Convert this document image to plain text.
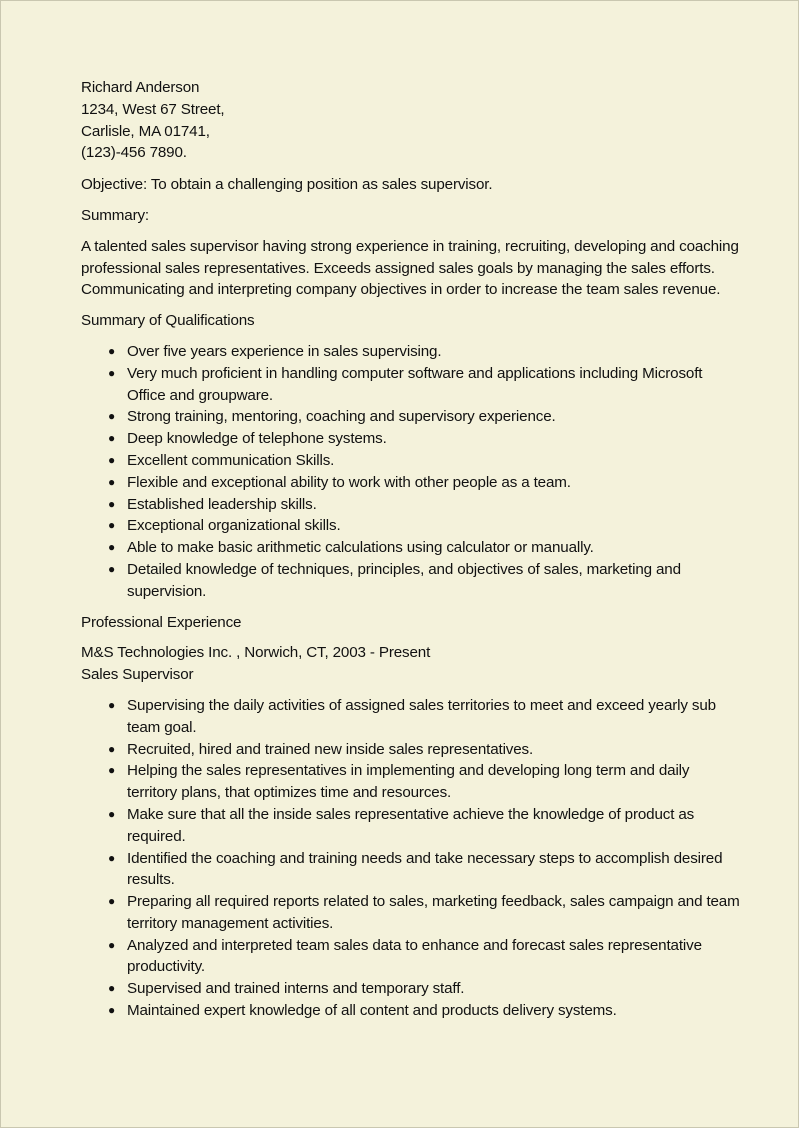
Richard Anderson
1234, West 67 Street,
Carlisle, MA 01741,
(123)-456 7890.
Objective: To obtain a challenging position as sales supervisor.
Summary:
A talented sales supervisor having strong experience in training, recruiting, developing and coaching professional sales representatives. Exceeds assigned sales goals by managing the sales efforts. Communicating and interpreting company objectives in order to increase the team sales revenue.
Summary of Qualifications
● Over five years experience in sales supervising.
● Very much proficient in handling computer software and applications including Microsoft Office and groupware.
● Strong training, mentoring, coaching and supervisory experience.
● Deep knowledge of telephone systems.
● Excellent communication Skills.
● Flexible and exceptional ability to work with other people as a team.
● Established leadership skills.
● Exceptional organizational skills.
● Able to make basic arithmetic calculations using calculator or manually.
● Detailed knowledge of techniques, principles, and objectives of sales, marketing and supervision.
Professional Experience
M&S Technologies Inc. , Norwich, CT, 2003 - Present
Sales Supervisor
● Supervising the daily activities of assigned sales territories to meet and exceed yearly sub team goal.
● Recruited, hired and trained new inside sales representatives.
● Helping the sales representatives in implementing and developing long term and daily territory plans, that optimizes time and resources.
● Make sure that all the inside sales representative achieve the knowledge of product as required.
● Identified the coaching and training needs and take necessary steps to accomplish desired results.
● Preparing all required reports related to sales, marketing feedback, sales campaign and team territory management activities.
● Analyzed and interpreted team sales data to enhance and forecast sales representative productivity.
● Supervised and trained interns and temporary staff.
● Maintained expert knowledge of all content and products delivery systems.
